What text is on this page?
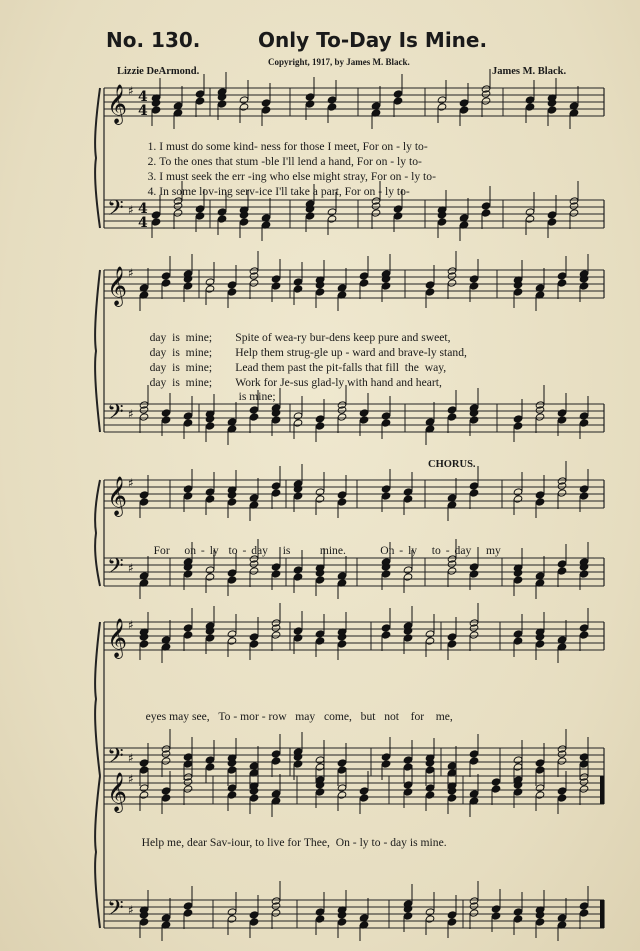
No. 130.	Only To-Day Is Mine.
Copyright, 1917, by James M. Black.
Lizzie DeArmond.	James M. Black.
CHORUS.
𝄞
𝄢
♯
♯
4
4
4
4
𝄞
𝄢
♯
♯
𝄞
𝄢
♯
♯
𝄞
𝄢
♯
♯
𝄞
𝄢
♯
♯

1. I must do some kind- ness for those I meet, For on - ly to-

2. To the ones that stum -ble I'll lend a hand, For on - ly to-

3. I must seek the err -ing who else might stray, For on - ly to-

4. In some lov-ing serv-ice I'll take a part, For on - ly to-

day is mine; Spite of wea-ry bur-dens keep pure and sweet,

day is mine; Help them strug-gle up - ward and brave-ly stand,

day is mine; Lead them past the pit-falls that fill the way,

day is mine; Work for Je-sus glad-ly with hand and heart,

is mine;

For on - ly to - day is	mine.	On - ly to - day my

eyes may see, To - mor - row may come, but not for me,

Help me, dear Sav-iour, to live for Thee, On - ly to - day is mine.
